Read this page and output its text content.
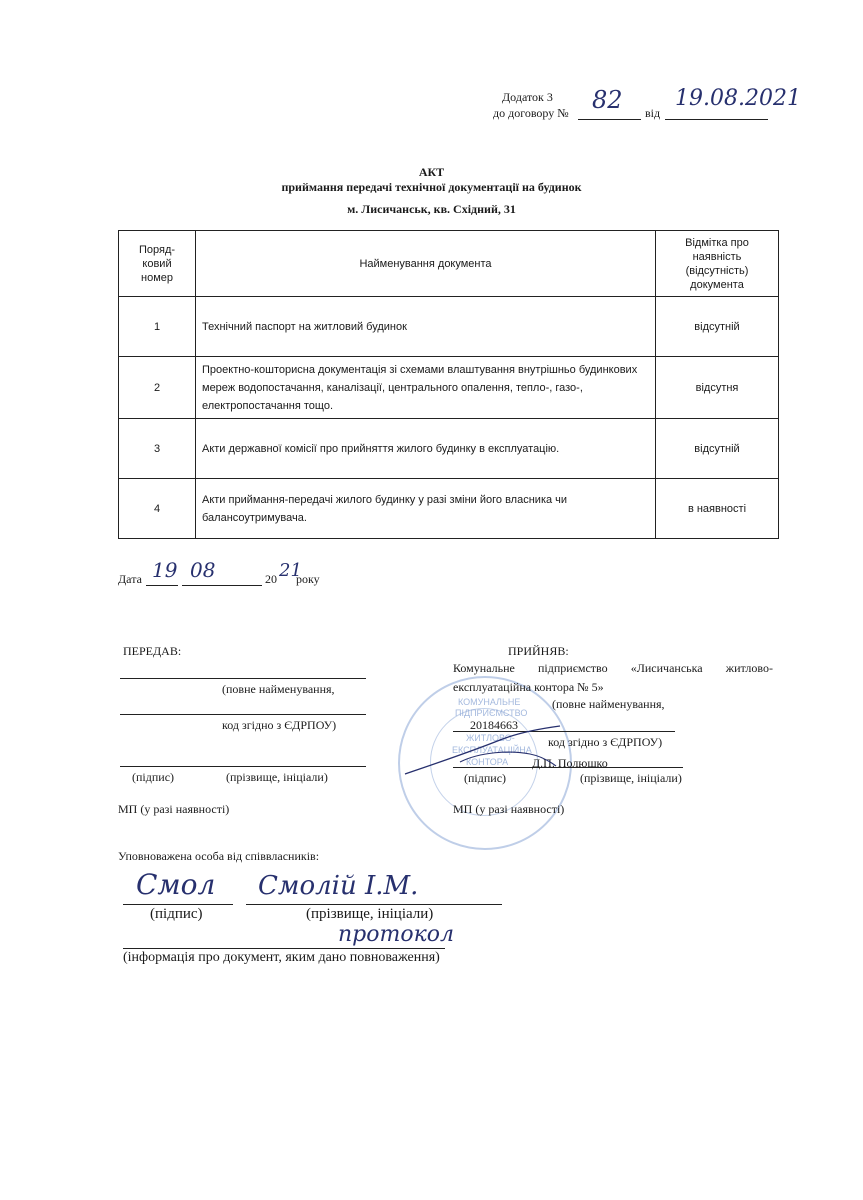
Додаток 3
до договору № 82 від
19.08.2021
АКТ
приймання передачі технічної документації на будинок
м. Лисичанськ, кв. Східний, 31
Поряд-ковий номер	Найменування документа	Відмітка про наявність (відсутність) документа
1	Технічний паспорт на житловий будинок	відсутній
2	Проектно-кошторисна документація зі схемами влаштування внутрішньо будинкових мереж водопостачання, каналізації, центрального опалення, тепло-, газо-, електропостачання тощо.	відсутня
3	Акти державної комісії про прийняття жилого будинку в експлуатацію.	відсутній
4	Акти приймання-передачі жилого будинку у разі зміни його власника чи балансоутримувача.	в наявності
Дата 19 08	20 21
року
ПЕРЕДАВ:
(повне найменування,
код згідно з ЄДРПОУ)
(підпис)	(прізвище, ініціали)
МП (у разі наявності)
КОМУНАЛЬНЕ
ПІДПРИЄМСТВО
ЖИТЛОВО-
ЕКСПЛУАТАЦІЙНА
КОНТОРА
ПРИЙНЯВ:
Комунальне підприємство «Лисичанська житлово-
експлуатаційна контора № 5»
(повне найменування,
20184663
код згідно з ЄДРПОУ)
Д.П. Полюшко
(підпис)	(прізвище, ініціали)
МП (у разі наявності)
Уповноважена особа від співвласників:
Смол Смолій І.М.
(підпис)	(прізвище, ініціали)
протокол
(інформація про документ, яким дано повноваження)
